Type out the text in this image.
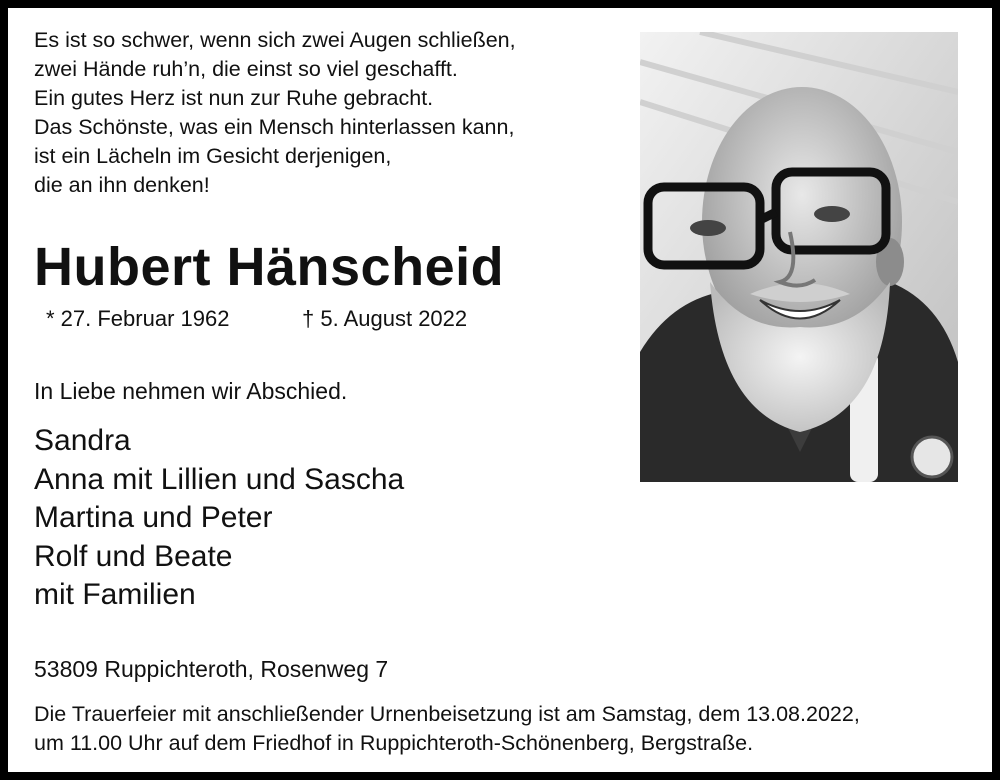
Es ist so schwer, wenn sich zwei Augen schließen,
zwei Hände ruh’n, die einst so viel geschafft.
Ein gutes Herz ist nun zur Ruhe gebracht.
Das Schönste, was ein Mensch hinterlassen kann,
ist ein Lächeln im Gesicht derjenigen,
die an ihn denken!
Hubert Hänscheid
* 27. Februar 1962	† 5. August 2022
In Liebe nehmen wir Abschied.
Sandra
Anna mit Lillien und Sascha
Martina und Peter
Rolf und Beate
mit Familien
53809 Ruppichteroth, Rosenweg 7
Die Trauerfeier mit anschließender Urnenbeisetzung ist am Samstag, dem 13.08.2022,
um 11.00 Uhr auf dem Friedhof in Ruppichteroth-Schönenberg, Bergstraße.
